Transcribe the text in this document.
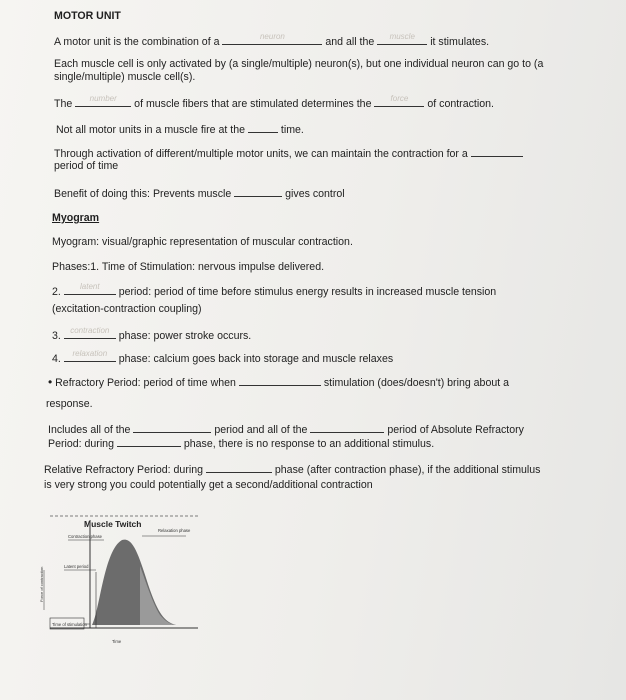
MOTOR UNIT
A motor unit is the combination of a	neuron	and all the	muscle	it stimulates.
Each muscle cell is only activated by (a single/multiple) neuron(s), but one individual neuron can go to (a
single/multiple) muscle cell(s).
The	number	of muscle fibers that are stimulated determines the	force	of contraction.
Not all motor units in a muscle fire at the	time.
Through activation of different/multiple motor units, we can maintain the contraction for a
period of time
Benefit of doing this: Prevents muscle	gives control
Myogram
Myogram: visual/graphic representation of muscular contraction.
Phases:1. Time of Stimulation: nervous impulse delivered.
2.	latent	period: period of time before stimulus energy results in increased muscle tension
(excitation-contraction coupling)
3.	contraction phase: power stroke occurs.
4.	relaxation	phase: calcium goes back into storage and muscle relaxes
• Refractory Period: period of time when	stimulation (does/doesn't) bring about a
response.
Includes all of the	period and all of the	period of Absolute Refractory
Period: during	phase, there is no response to an additional stimulus.
Relative Refractory Period: during	phase (after contraction phase), if the additional stimulus
is very strong you could potentially get a second/additional contraction
Muscle Twitch
Contraction phase
Relaxation phase
Latent period
Time of stimulation
Time
Force of contraction
